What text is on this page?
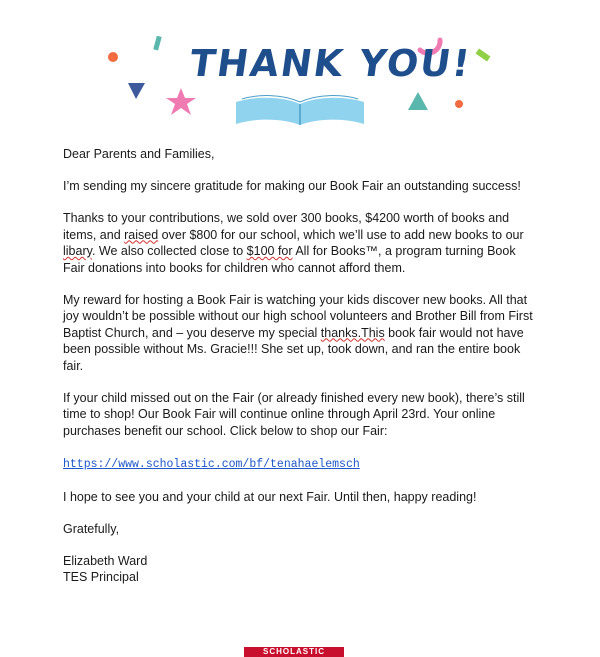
THANK YOU!

Dear Parents and Families,

I’m sending my sincere gratitude for making our Book Fair an outstanding success!

Thanks to your contributions, we sold over 300 books, $4200 worth of books and items, and raised over $800 for our school, which we’ll use to add new books to our libary. We also collected close to $100 for All for Books™, a program turning Book Fair donations into books for children who cannot afford them.

My reward for hosting a Book Fair is watching your kids discover new books. All that joy wouldn’t be possible without our high school volunteers and Brother Bill from First Baptist Church, and – you deserve my special thanks.This book fair would not have been possible without Ms. Gracie!!! She set up, took down, and ran the entire book fair.

If your child missed out on the Fair (or already finished every new book), there’s still time to shop! Our Book Fair will continue online through April 23rd. Your online purchases benefit our school. Click below to shop our Fair:

https://www.scholastic.com/bf/tenahaelemsch

I hope to see you and your child at our next Fair. Until then, happy reading!

Gratefully,

Elizabeth Ward

TES Principal

SCHOLASTIC
